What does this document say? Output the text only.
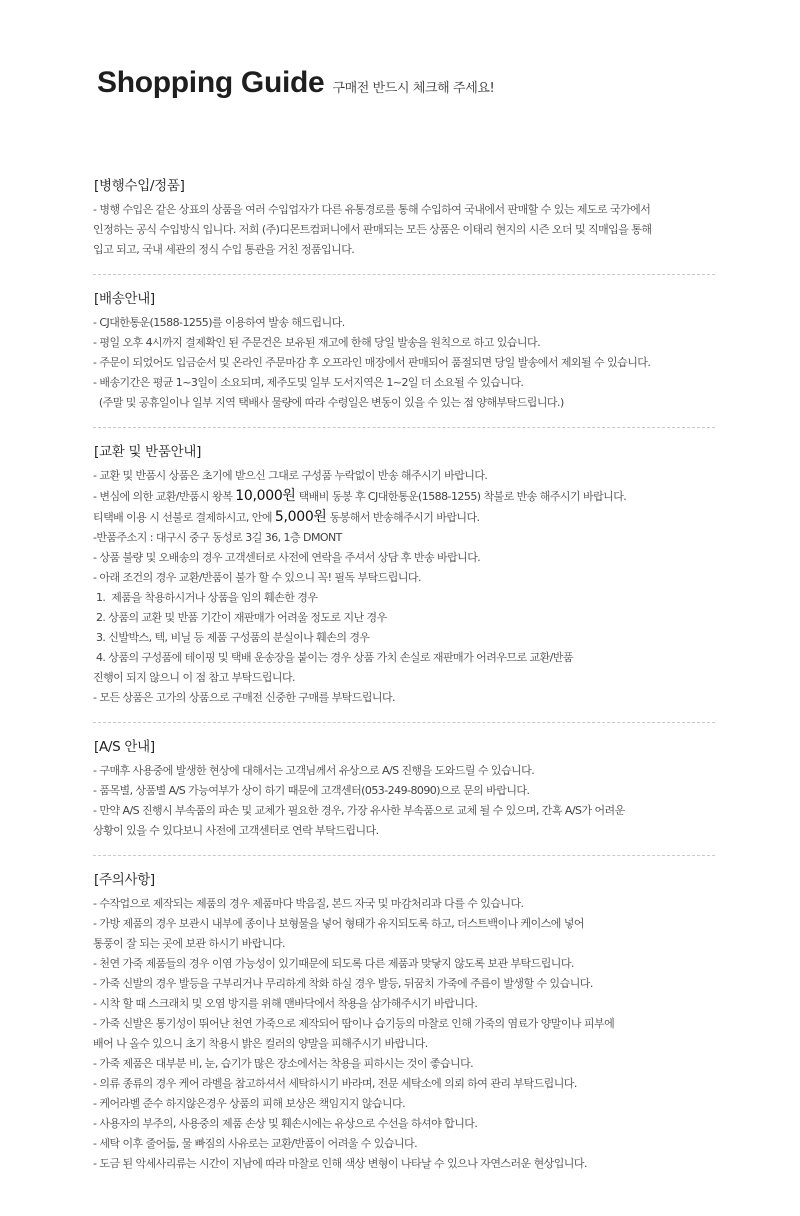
Shopping Guide 구매전 반드시 체크해 주세요!
[병행수입/정품]
- 병행 수입은 같은 상표의 상품을 여러 수입업자가 다른 유통경로를 통해 수입하여 국내에서 판매할 수 있는 제도로 국가에서
인정하는 공식 수입방식 입니다. 저희 (주)디몬트컴퍼니에서 판매되는 모든 상품은 이태리 현지의 시즌 오더 및 직매입을 통해
입고 되고, 국내 세관의 정식 수입 통관을 거친 정품입니다.
[배송안내]
- CJ대한통운(1588-1255)를 이용하여 발송 해드립니다.
- 평일 오후 4시까지 결제확인 된 주문건은 보유된 재고에 한해 당일 발송을 원칙으로 하고 있습니다.
- 주문이 되었어도 입금순서 및 온라인 주문마감 후 오프라인 매장에서 판매되어 품절되면 당일 발송에서 제외될 수 있습니다.
- 배송기간은 평균 1~3일이 소요되며, 제주도및 일부 도서지역은 1~2일 더 소요될 수 있습니다.
(주말 및 공휴일이나 일부 지역 택배사 물량에 따라 수령일은 변동이 있을 수 있는 점 양해부탁드립니다.)
[교환 및 반품안내]
- 교환 및 반품시 상품은 초기에 받으신 그대로 구성품 누락없이 반송 해주시기 바랍니다.
- 변심에 의한 교환/반품시 왕복 10,000원 택배비 동봉 후 CJ대한통운(1588-1255) 착불로 반송 해주시기 바랍니다.
티택배 이용 시 선불로 결제하시고, 안에 5,000원 동봉해서 반송해주시기 바랍니다.
-반품주소지 : 대구시 중구 동성로 3길 36, 1층 DMONT
- 상품 불량 및 오배송의 경우 고객센터로 사전에 연락을 주셔서 상담 후 반송 바랍니다.
- 아래 조건의 경우 교환/반품이 불가 할 수 있으니 꼭! 필독 부탁드립니다.
1.  제품을 착용하시거나 상품을 임의 훼손한 경우
2. 상품의 교환 및 반품 기간이 재판매가 어려울 정도로 지난 경우
3. 신발박스, 텍, 비닐 등 제품 구성품의 분실이나 훼손의 경우
4. 상품의 구성품에 테이핑 및 택배 운송장을 붙이는 경우 상품 가치 손실로 재판매가 어려우므로 교환/반품
진행이 되지 않으니 이 점 참고 부탁드립니다.
- 모든 상품은 고가의 상품으로 구매전 신중한 구매를 부탁드립니다.
[A/S 안내]
- 구매후 사용중에 발생한 현상에 대해서는 고객님께서 유상으로 A/S 진행을 도와드릴 수 있습니다.
- 품목별, 상품별 A/S 가능여부가 상이 하기 때문에 고객센터(053-249-8090)으로 문의 바랍니다.
- 만약 A/S 진행시 부속품의 파손 및 교체가 필요한 경우, 가장 유사한 부속품으로 교체 될 수 있으며, 간혹 A/S가 어려운
상황이 있을 수 있다보니 사전에 고객센터로 연락 부탁드립니다.
[주의사항]
- 수작업으로 제작되는 제품의 경우 제품마다 박음질, 본드 자국 및 마감처리과 다를 수 있습니다.
- 가방 제품의 경우 보관시 내부에 종이나 보형물을 넣어 형태가 유지되도록 하고, 더스트백이나 케이스에 넣어
통풍이 잘 되는 곳에 보관 하시기 바랍니다.
- 천연 가죽 제품들의 경우 이염 가능성이 있기때문에 되도록 다른 제품과 맞닿지 않도록 보관 부탁드립니다.
- 가죽 신발의 경우 발등을 구부리거나 무리하게 착화 하실 경우 발등, 뒤꿈치 가죽에 주름이 발생할 수 있습니다.
- 시착 할 때 스크래치 및 오염 방지를 위해 맨바닥에서 착용을 삼가해주시기 바랍니다.
- 가죽 신발은 통기성이 뛰어난 천연 가죽으로 제작되어 땀이나 습기등의 마찰로 인해 가죽의 염료가 양말이나 피부에
배어 나 올수 있으니 초기 착용시 밝은 컬러의 양말을 피해주시기 바랍니다.
- 가죽 제품은 대부분 비, 눈, 습기가 많은 장소에서는 착용을 피하시는 것이 좋습니다.
- 의류 종류의 경우 케어 라벨을 참고하셔서 세탁하시기 바라며, 전문 세탁소에 의뢰 하여 관리 부탁드립니다.
- 케어라벨 준수 하지않은경우 상품의 피해 보상은 책임지지 않습니다.
- 사용자의 부주의, 사용중의 제품 손상 및 훼손시에는 유상으로 수선을 하셔야 합니다.
- 세탁 이후 줄어듦, 물 빠짐의 사유로는 교환/반품이 어려울 수 있습니다.
- 도금 된 악세사리류는 시간이 지남에 따라 마찰로 인해 색상 변형이 나타날 수 있으나 자연스러운 현상입니다.
